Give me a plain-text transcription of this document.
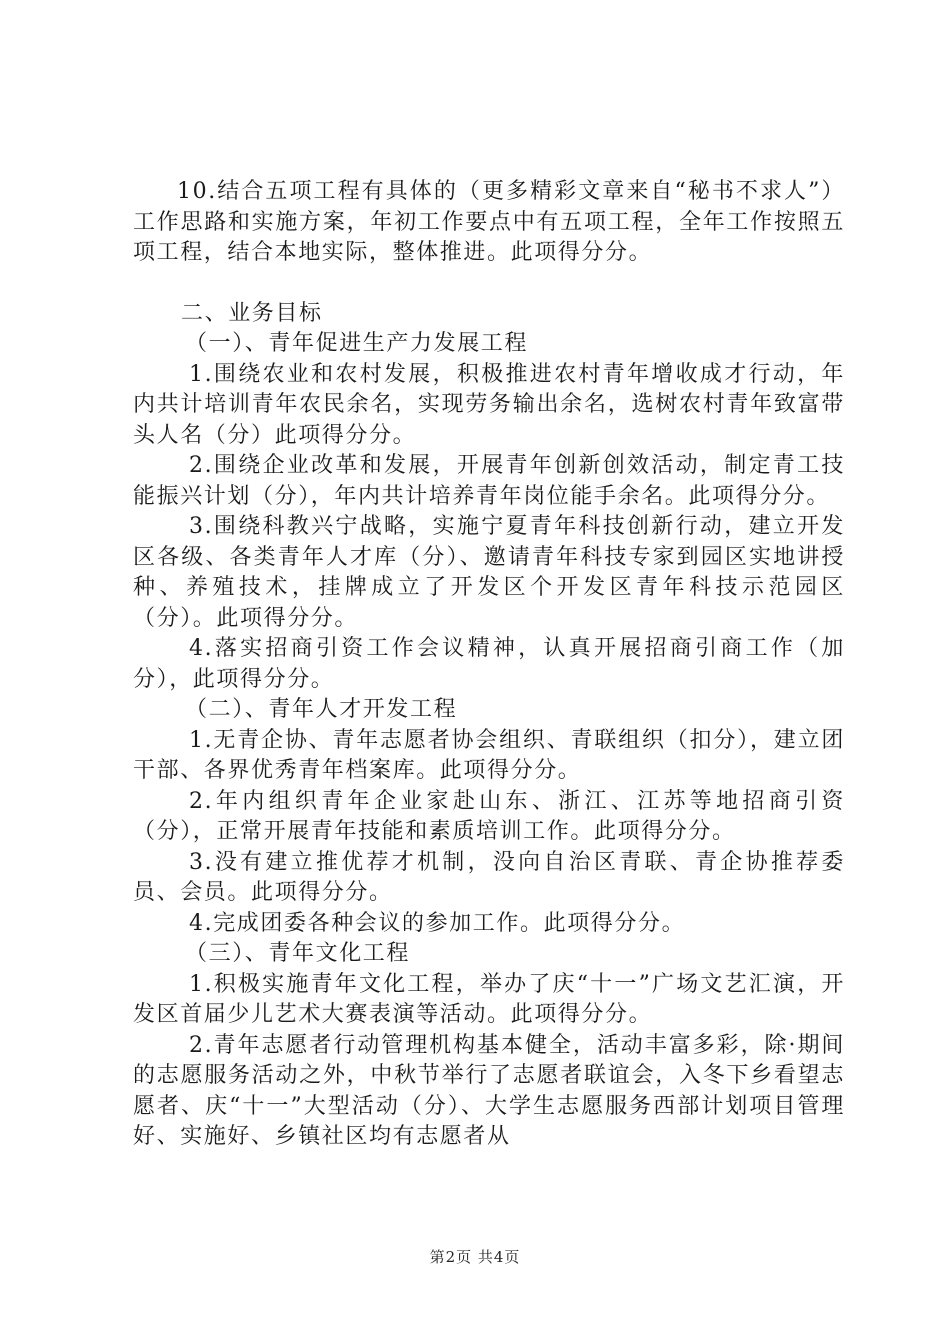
10.结合五项工程有具体的（更多精彩文章来自“秘书不求人”）工作思路和实施方案，年初工作要点中有五项工程，全年工作按照五项工程，结合本地实际，整体推进。此项得分分。

二、业务目标

（一）、青年促进生产力发展工程

1.围绕农业和农村发展，积极推进农村青年增收成才行动，年内共计培训青年农民余名，实现劳务输出余名，选树农村青年致富带头人名（分）此项得分分。

2.围绕企业改革和发展，开展青年创新创效活动，制定青工技能振兴计划（分），年内共计培养青年岗位能手余名。此项得分分。

3.围绕科教兴宁战略，实施宁夏青年科技创新行动，建立开发区各级、各类青年人才库（分）、邀请青年科技专家到园区实地讲授种、养殖技术，挂牌成立了开发区个开发区青年科技示范园区（分）。此项得分分。

4.落实招商引资工作会议精神，认真开展招商引商工作（加分），此项得分分。

（二）、青年人才开发工程

1.无青企协、青年志愿者协会组织、青联组织（扣分），建立团干部、各界优秀青年档案库。此项得分分。

2.年内组织青年企业家赴山东、浙江、江苏等地招商引资（分），正常开展青年技能和素质培训工作。此项得分分。

3.没有建立推优荐才机制，没向自治区青联、青企协推荐委员、会员。此项得分分。

4.完成团委各种会议的参加工作。此项得分分。

（三）、青年文化工程

1.积极实施青年文化工程，举办了庆“十一”广场文艺汇演，开发区首届少儿艺术大赛表演等活动。此项得分分。

2.青年志愿者行动管理机构基本健全，活动丰富多彩，除·期间的志愿服务活动之外，中秋节举行了志愿者联谊会，入冬下乡看望志愿者、庆“十一”大型活动（分）、大学生志愿服务西部计划项目管理好、实施好、乡镇社区均有志愿者从

第2页 共4页
